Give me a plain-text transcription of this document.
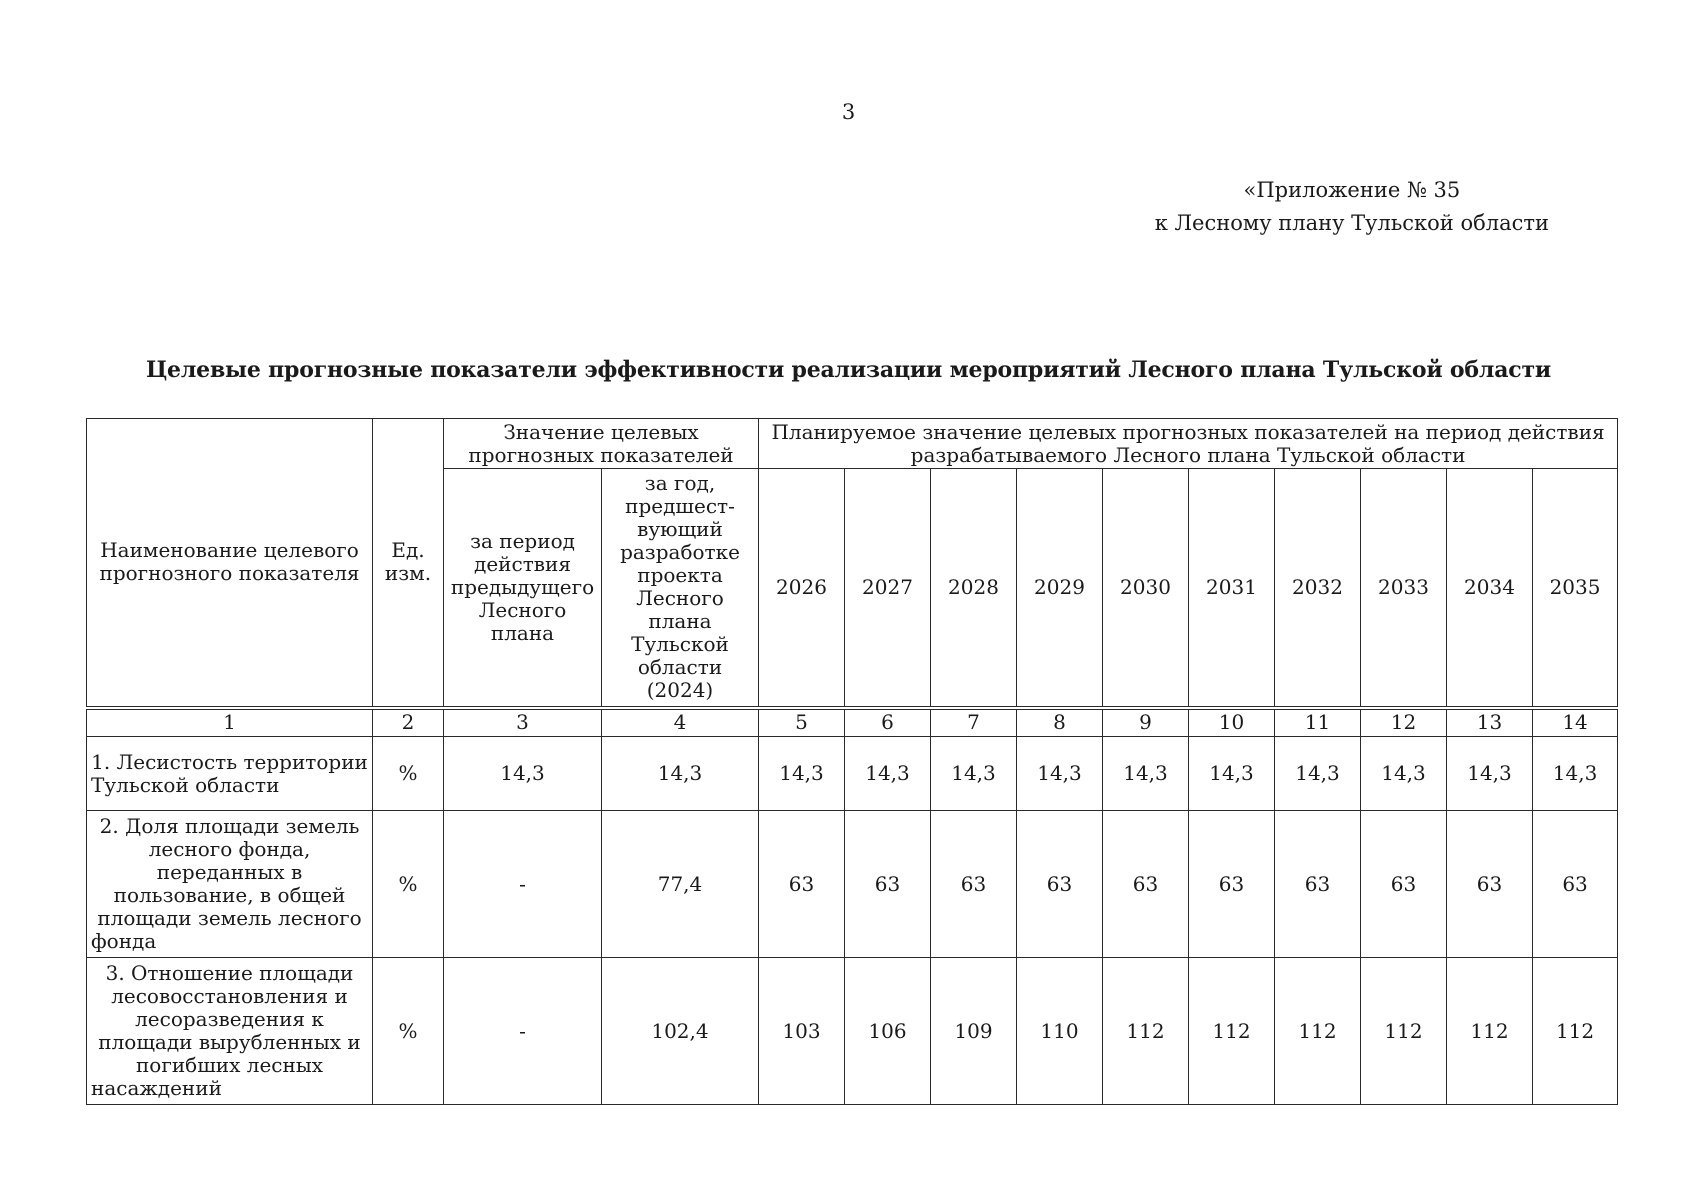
3
«Приложение № 35
к Лесному плану Тульской области
Целевые прогнозные показатели эффективности реализации мероприятий Лесного плана Тульской области
Наименование целевого прогнозного показателя	Ед. изм.	Значение целевых прогнозных показателей		Планируемое значение целевых прогнозных показателей на период действия разрабатываемого Лесного плана Тульской области									
		за период действия предыдущего Лесного плана	за год, предшест-вующий разработке проекта Лесного плана Тульской области (2024)	2026	2027	2028	2029	2030	2031	2032	2033	2034	2035
1	2	3	4	5	6	7	8	9	10	11	12	13	14
1. Лесистость территории Тульской области	%	14,3	14,3	14,3	14,3	14,3	14,3	14,3	14,3	14,3	14,3	14,3	14,3
2. Доля площади земель лесного фонда, переданных в пользование, в общей площади земель лесного фонда	%	-	77,4	63	63	63	63	63	63	63	63	63	63
3. Отношение площади лесовосстановления и лесоразведения к площади вырубленных и погибших лесных насаждений	%	-	102,4	103	106	109	110	112	112	112	112	112	112
